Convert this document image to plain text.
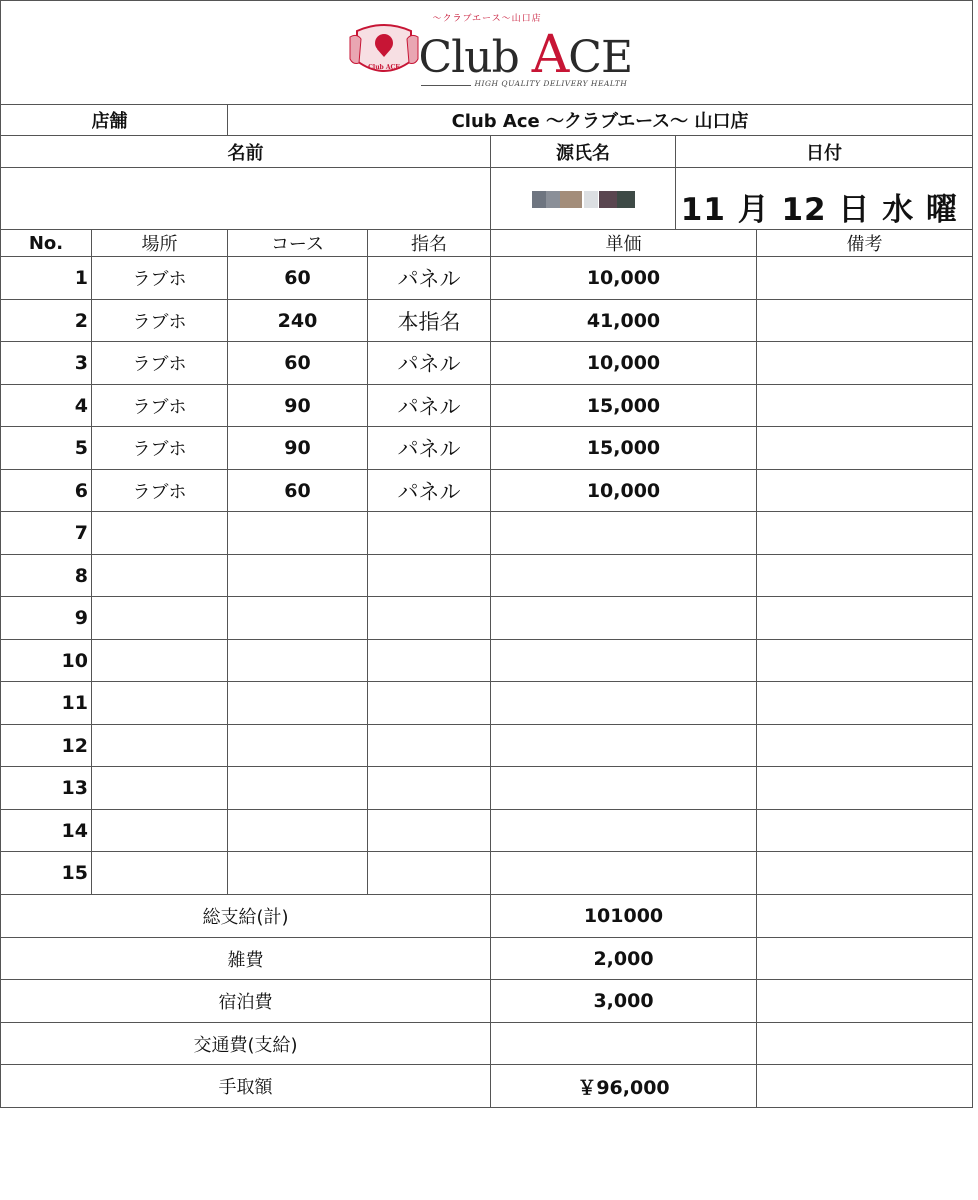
Club ACE
〜クラブエース〜山口店
Club ACE
HIGH QUALITY DELIVERY HEALTH						

	店舗	Club Ace 〜クラブエース〜 山口店				
名前				源氏名	日付	

					11 月 12 日 水 曜	

No.	場所	コース	指名	単価		備考
1	ラブホ	60	パネル	10,000		
2	ラブホ	240	本指名	41,000		
3	ラブホ	60	パネル	10,000		
4	ラブホ	90	パネル	15,000		
5	ラブホ	90	パネル	15,000		
6	ラブホ	60	パネル	10,000		
7						
8						
9						
10						
11						
12						
13						
14						
15						
総支給(計)				101000		
雑費				2,000		
宿泊費				3,000		
交通費(支給)						
手取額				￥96,000		
